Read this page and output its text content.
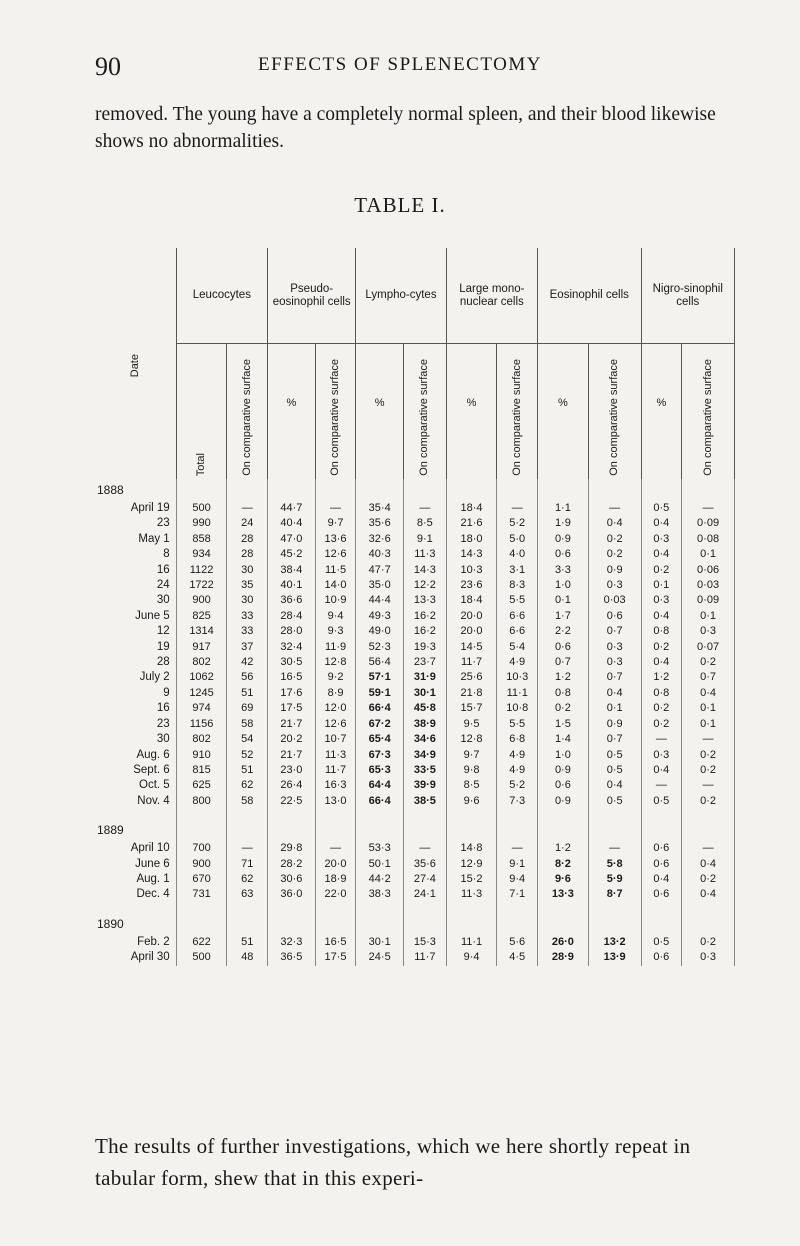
90	EFFECTS OF SPLENECTOMY
removed. The young have a completely normal spleen, and their blood likewise shows no abnormalities.
TABLE I.
Date	Leucocytes		Pseudo-eosinophil cells		Lympho-cytes		Large mono-nuclear cells		Eosinophil cells		Nigro-sinophil cells	
	Total	On comparative surface	%	On comparative surface	%	On comparative surface	%	On comparative surface	%	On comparative surface	%	On comparative surface
1888												
April 19	500	—	44·7	—	35·4	—	18·4	—	1·1	—	0·5	—
23	990	24	40·4	9·7	35·6	8·5	21·6	5·2	1·9	0·4	0·4	0·09
May 1	858	28	47·0	13·6	32·6	9·1	18·0	5·0	0·9	0·2	0·3	0·08
8	934	28	45·2	12·6	40·3	11·3	14·3	4·0	0·6	0·2	0·4	0·1
16	1122	30	38·4	11·5	47·7	14·3	10·3	3·1	3·3	0·9	0·2	0·06
24	1722	35	40·1	14·0	35·0	12·2	23·6	8·3	1·0	0·3	0·1	0·03
30	900	30	36·6	10·9	44·4	13·3	18·4	5·5	0·1	0·03	0·3	0·09
June 5	825	33	28·4	9·4	49·3	16·2	20·0	6·6	1·7	0·6	0·4	0·1
12	1314	33	28·0	9·3	49·0	16·2	20·0	6·6	2·2	0·7	0·8	0·3
19	917	37	32·4	11·9	52·3	19·3	14·5	5·4	0·6	0·3	0·2	0·07
28	802	42	30·5	12·8	56·4	23·7	11·7	4·9	0·7	0·3	0·4	0·2
July 2	1062	56	16·5	9·2	57·1	31·9	25·6	10·3	1·2	0·7	1·2	0·7
9	1245	51	17·6	8·9	59·1	30·1	21·8	11·1	0·8	0·4	0·8	0·4
16	974	69	17·5	12·0	66·4	45·8	15·7	10·8	0·2	0·1	0·2	0·1
23	1156	58	21·7	12·6	67·2	38·9	9·5	5·5	1·5	0·9	0·2	0·1
30	802	54	20·2	10·7	65·4	34·6	12·8	6·8	1·4	0·7	—	—
Aug. 6	910	52	21·7	11·3	67·3	34·9	9·7	4·9	1·0	0·5	0·3	0·2
Sept. 6	815	51	23·0	11·7	65·3	33·5	9·8	4·9	0·9	0·5	0·4	0·2
Oct. 5	625	62	26·4	16·3	64·4	39·9	8·5	5·2	0·6	0·4	—	—
Nov. 4	800	58	22·5	13·0	66·4	38·5	9·6	7·3	0·9	0·5	0·5	0·2
1889												
April 10	700	—	29·8	—	53·3	—	14·8	—	1·2	—	0·6	—
June 6	900	71	28·2	20·0	50·1	35·6	12·9	9·1	8·2	5·8	0·6	0·4
Aug. 1	670	62	30·6	18·9	44·2	27·4	15·2	9·4	9·6	5·9	0·4	0·2
Dec. 4	731	63	36·0	22·0	38·3	24·1	11·3	7·1	13·3	8·7	0·6	0·4
1890												
Feb. 2	622	51	32·3	16·5	30·1	15·3	11·1	5·6	26·0	13·2	0·5	0·2
April 30	500	48	36·5	17·5	24·5	11·7	9·4	4·5	28·9	13·9	0·6	0·3
The results of further investigations, which we here shortly repeat in tabular form, shew that in this experi-
